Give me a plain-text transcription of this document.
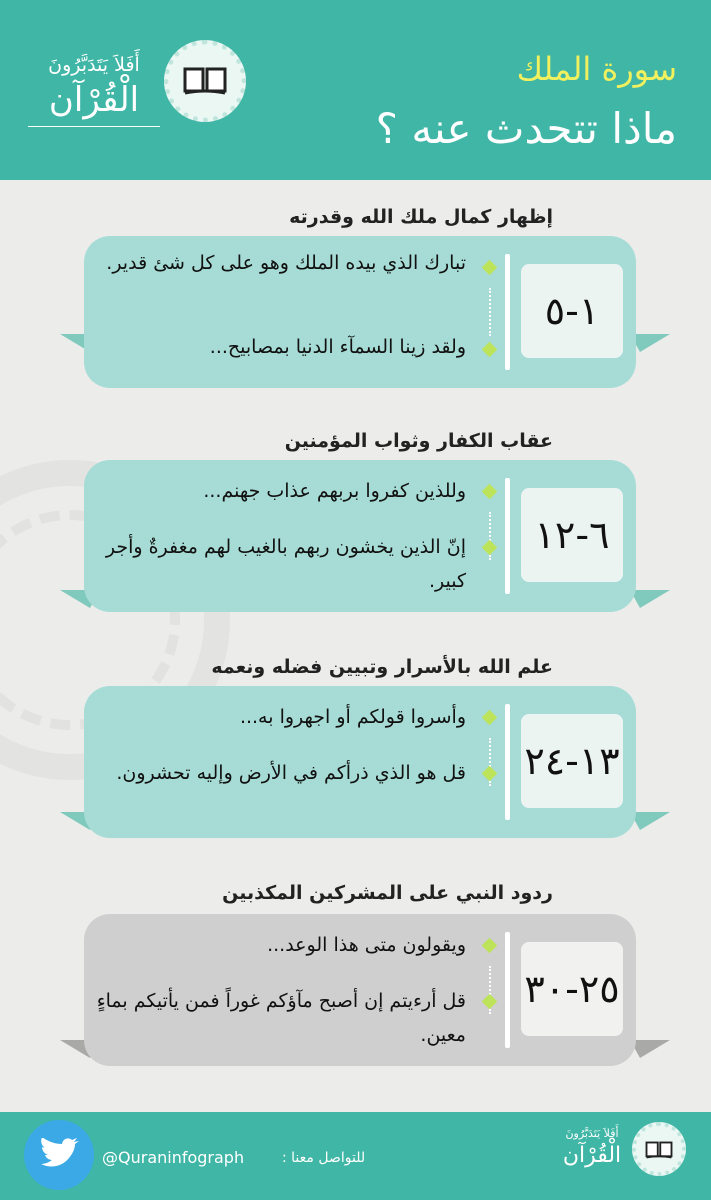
سورة الملك
ماذا تتحدث عنه ؟
أَفَلاَ يَتَدَبَّرُونَ
الْقُرْآن
إظهار كمال ملك الله وقدرته
١-٥
تبارك الذي بيده الملك وهو على كل شئ قدير.
ولقد زينا السمآء الدنيا بمصابيح...
عقاب الكفار وثواب المؤمنين
٦-١٢
وللذين كفروا بربهم عذاب جهنم...
إنّ الذين يخشون ربهم بالغيب لهم مغفرةٌ وأجر كبير.
علم الله بالأسرار وتبيين فضله ونعمه
١٣-٢٤
وأسروا قولكم أو اجهروا به...
قل هو الذي ذرأكم في الأرض وإليه تحشرون.
ردود النبي على المشركين المكذبين
٢٥-٣٠
ويقولون متى هذا الوعد...
قل أرءيتم إن أصبح مآؤكم غوراً فمن يأتيكم بماءٍ معين.
@Quraninfograph	للتواصل معنا :
أَفَلاَ يَتَدَبَّرُونَ
الْقُرْآن
